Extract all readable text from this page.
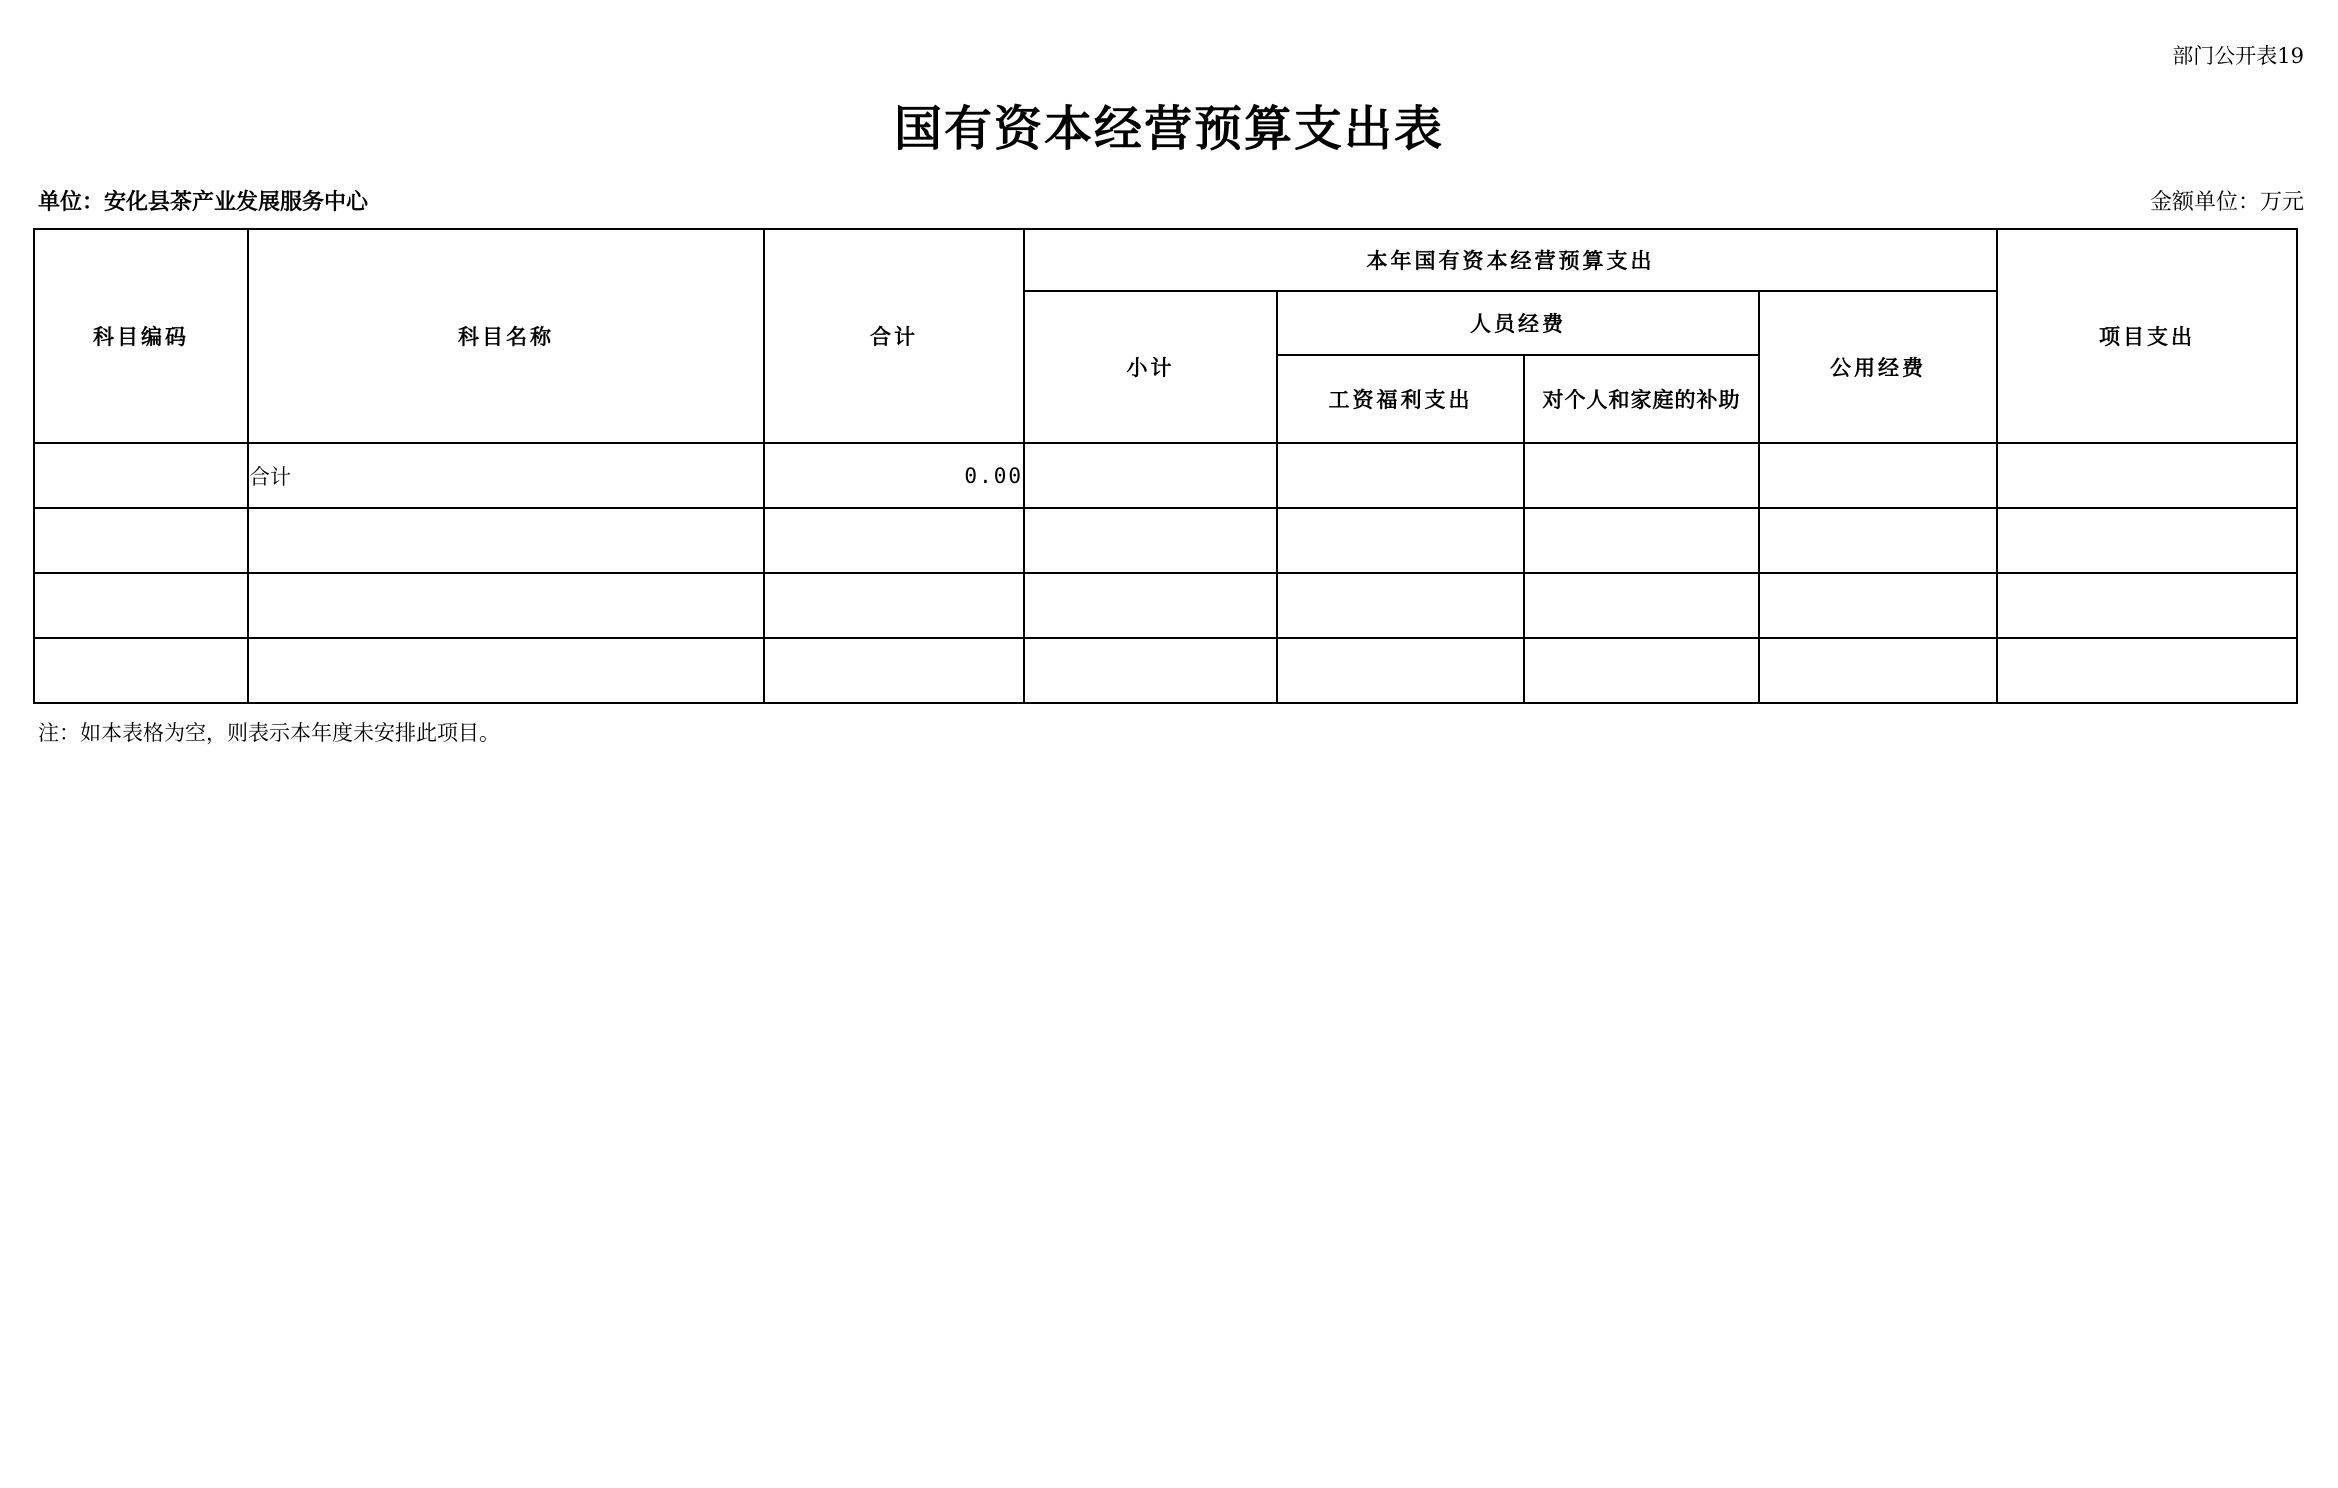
部门公开表19
国有资本经营预算支出表
单位：安化县茶产业发展服务中心	金额单位：万元
科目编码	科目名称	合计	本年国有资本经营预算支出				项目支出
			小计	人员经费		公用经费	
				工资福利支出	对个人和家庭的补助		
	合计	0.00					

注：如本表格为空，则表示本年度未安排此项目。
